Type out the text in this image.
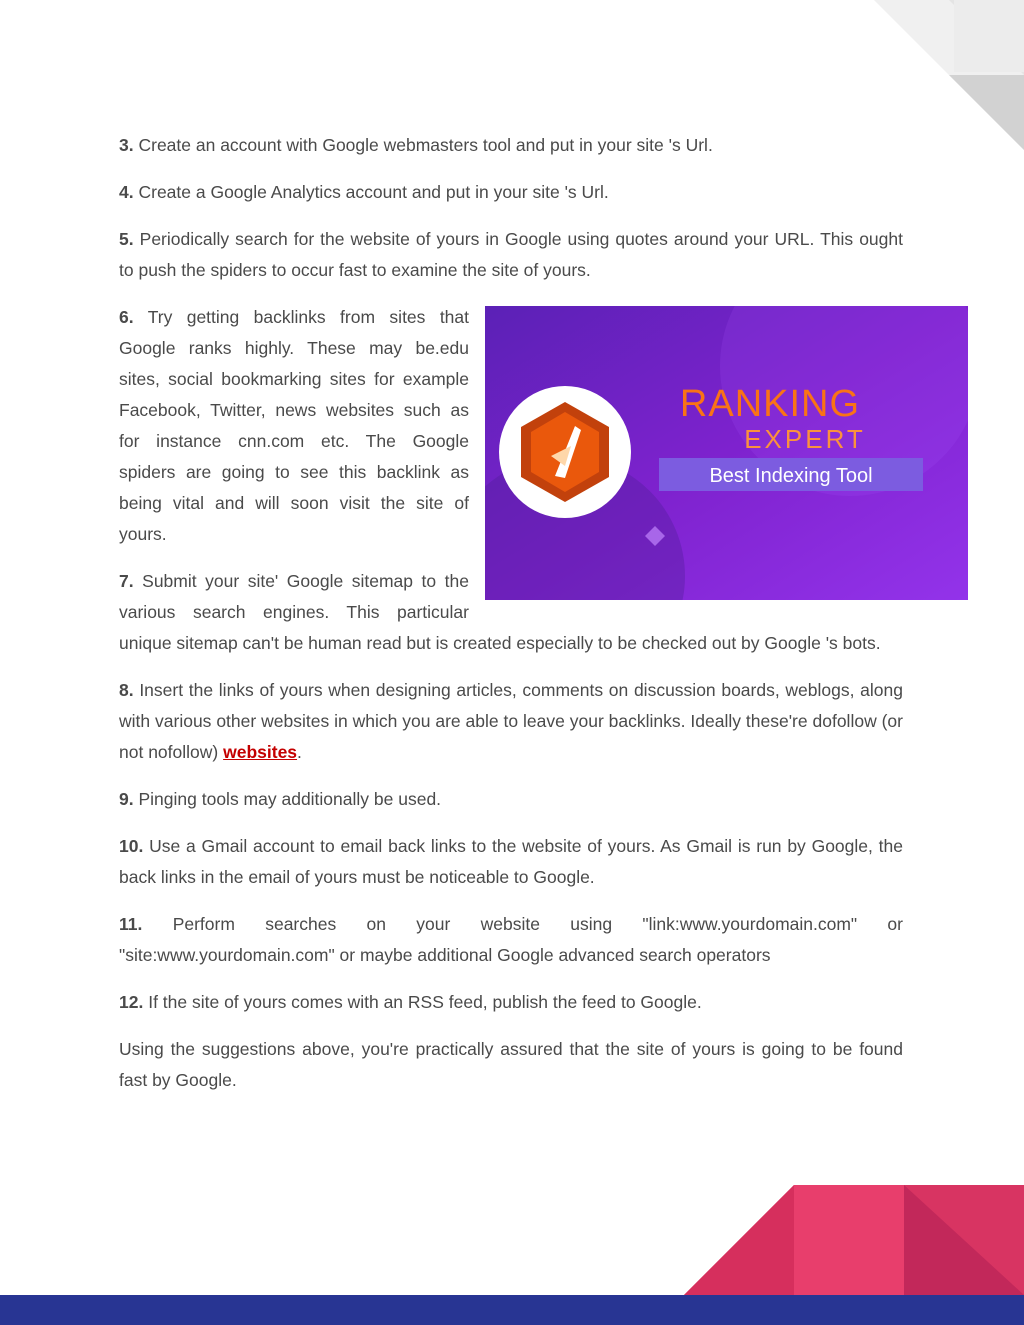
3. Create an account with Google webmasters tool and put in your site 's Url.

4. Create a Google Analytics account and put in your site 's Url.

5. Periodically search for the website of yours in Google using quotes around your URL. This ought to push the spiders to occur fast to examine the site of yours.

RANKING
EXPERT
Best Indexing Tool

6. Try getting backlinks from sites that Google ranks highly. These may be.edu sites, social bookmarking sites for example Facebook, Twitter, news websites such as for instance cnn.com etc. The Google spiders are going to see this backlink as being vital and will soon visit the site of yours.

7. Submit your site' Google sitemap to the various search engines. This particular unique sitemap can't be human read but is created especially to be checked out by Google 's bots.

8. Insert the links of yours when designing articles, comments on discussion boards, weblogs, along with various other websites in which you are able to leave your backlinks. Ideally these're dofollow (or not nofollow) websites.

9. Pinging tools may additionally be used.

10. Use a Gmail account to email back links to the website of yours. As Gmail is run by Google, the back links in the email of yours must be noticeable to Google.

11. Perform searches on your website using "link:www.yourdomain.com" or "site:www.yourdomain.com" or maybe additional Google advanced search operators

12. If the site of yours comes with an RSS feed, publish the feed to Google.

Using the suggestions above, you're practically assured that the site of yours is going to be found fast by Google.
